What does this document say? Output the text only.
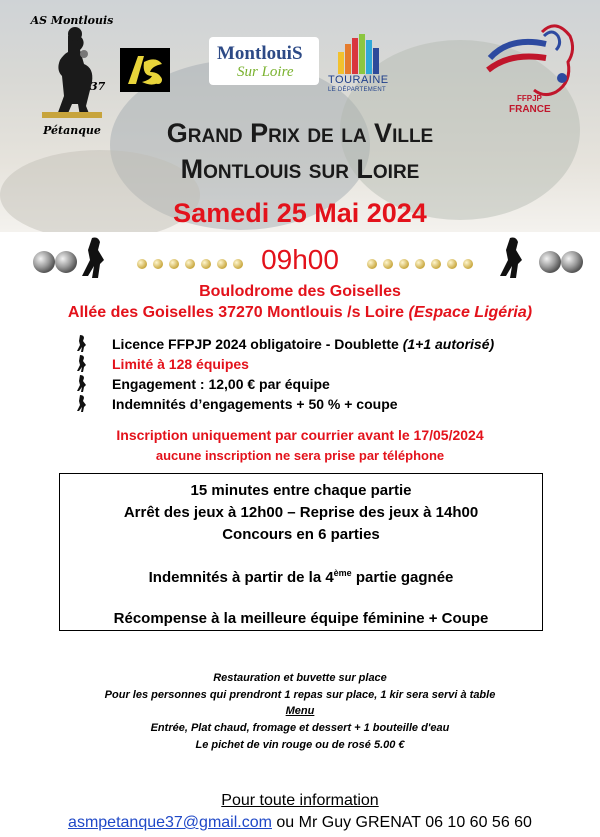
AS Montlouis
37
Pétanque
MontlouiS
Sur Loire	TOURAINE
LE DÉPARTEMENT
FFPJP
FRANCE
Grand Prix de la Ville
Montlouis sur Loire
Samedi 25 Mai 2024
09h00
Boulodrome des Goiselles
Allée des Goiselles 37270 Montlouis /s Loire (Espace Ligéria)
Licence FFPJP 2024 obligatoire - Doublette (1+1 autorisé)
Limité à 128 équipes
Engagement : 12,00 € par équipe
Indemnités d’engagements + 50 % + coupe
Inscription uniquement par courrier avant le 17/05/2024
aucune inscription ne sera prise par téléphone
15 minutes entre chaque partie
Arrêt des jeux à 12h00 – Reprise des jeux à 14h00
Concours en 6 parties
Indemnités à partir de la 4ème partie gagnée
Récompense à la meilleure équipe féminine + Coupe
Restauration et buvette sur place
Pour les personnes qui prendront 1 repas sur place, 1 kir sera servi à table
Menu
Entrée, Plat chaud, fromage et dessert + 1 bouteille d'eau
Le pichet de vin rouge ou de rosé 5.00 €
Pour toute information
asmpetanque37@gmail.com ou Mr Guy GRENAT 06 10 60 56 60
